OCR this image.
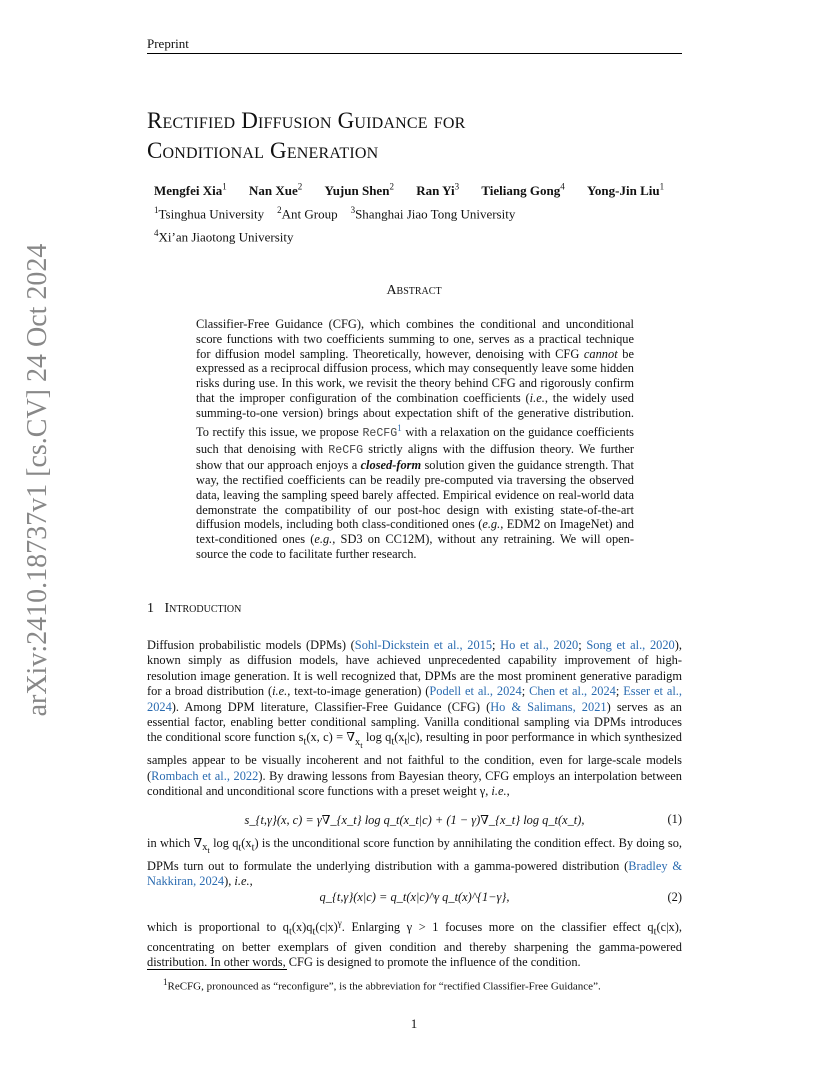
Preprint
arXiv:2410.18737v1 [cs.CV] 24 Oct 2024
Rectified Diffusion Guidance for
Conditional Generation
Mengfei Xia$^1$ Nan Xue$^2$ Yujun Shen$^2$ Ran Yi$^3$ Tieliang Gong$^4$ Yong-Jin Liu$^1$
$^1$Tsinghua University $^2$Ant Group $^3$Shanghai Jiao Tong University
$^4$Xi’an Jiaotong University
Abstract
Classifier-Free Guidance (CFG), which combines the conditional and unconditional score functions with two coefficients summing to one, serves as a practical technique for diffusion model sampling. Theoretically, however, denoising with CFG cannot be expressed as a reciprocal diffusion process, which may consequently leave some hidden risks during use. In this work, we revisit the theory behind CFG and rigorously confirm that the improper configuration of the combination coefficients (i.e., the widely used summing-to-one version) brings about expectation shift of the generative distribution. To rectify this issue, we propose ReCFG$^1$ with a relaxation on the guidance coefficients such that denoising with ReCFG strictly aligns with the diffusion theory. We further show that our approach enjoys a closed-form solution given the guidance strength. That way, the rectified coefficients can be readily pre-computed via traversing the observed data, leaving the sampling speed barely affected. Empirical evidence on real-world data demonstrate the compatibility of our post-hoc design with existing state-of-the-art diffusion models, including both class-conditioned ones (e.g., EDM2 on ImageNet) and text-conditioned ones (e.g., SD3 on CC12M), without any retraining. We will open-source the code to facilitate further research.
1 Introduction
Diffusion probabilistic models (DPMs) (Sohl-Dickstein et al., 2015; Ho et al., 2020; Song et al., 2020), known simply as diffusion models, have achieved unprecedented capability improvement of high-resolution image generation. It is well recognized that, DPMs are the most prominent generative paradigm for a broad distribution (i.e., text-to-image generation) (Podell et al., 2024; Chen et al., 2024; Esser et al., 2024). Among DPM literature, Classifier-Free Guidance (CFG) (Ho & Salimans, 2021) serves as an essential factor, enabling better conditional sampling. Vanilla conditional sampling via DPMs introduces the conditional score function $s_t(x$, $c) = \nabla_{x_t}$ $\log q_t(x_t|c)$, resulting in poor performance in which synthesized samples appear to be visually incoherent and not faithful to the condition, even for large-scale models (Rombach et al., 2022). By drawing lessons from Bayesian theory, CFG employs an interpolation between conditional and unconditional score functions with a preset weight γ, i.e.,
s_{t,γ}(x, c) = γ∇_{x_t} log q_t(x_t|c) + (1 − γ)∇_{x_t} log q_t(x_t),	(1)
in which $\nabla_{x_t}$ $\log q_t(x_t)$ is the unconditional score function by annihilating the condition effect. By doing so, DPMs turn out to formulate the underlying distribution with a gamma-powered distribution (Bradley & Nakkiran, 2024), i.e.,
q_{t,γ}(x|c) = q_t(x|c)^γ q_t(x)^{1−γ},	(2)
which is proportional to $q_t(x)q_t(c|x)^\gamma$. Enlarging γ > 1 focuses more on the classifier effect $q_t(c|x)$, concentrating on better exemplars of given condition and thereby sharpening the gamma-powered distribution. In other words, CFG is designed to promote the influence of the condition.
$^1$ReCFG, pronounced as “reconfigure”, is the abbreviation for “rectified Classifier-Free Guidance”.
1
